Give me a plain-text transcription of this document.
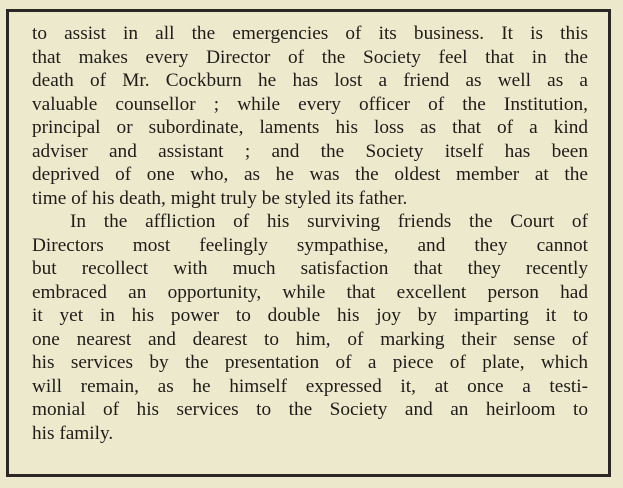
to assist in all the emergencies of its business. It is this
that makes every Director of the Society feel that in the
death of Mr. Cockburn he has lost a friend as well as a
valuable counsellor ; while every officer of the Institution,
principal or subordinate, laments his loss as that of a kind
adviser and assistant ; and the Society itself has been
deprived of one who, as he was the oldest member at the
time of his death, might truly be styled its father.
In the affliction of his surviving friends the Court of
Directors most feelingly sympathise, and they cannot
but recollect with much satisfaction that they recently
embraced an opportunity, while that excellent person had
it yet in his power to double his joy by imparting it to
one nearest and dearest to him, of marking their sense of
his services by the presentation of a piece of plate, which
will remain, as he himself expressed it, at once a testi-
monial of his services to the Society and an heirloom to
his family.
